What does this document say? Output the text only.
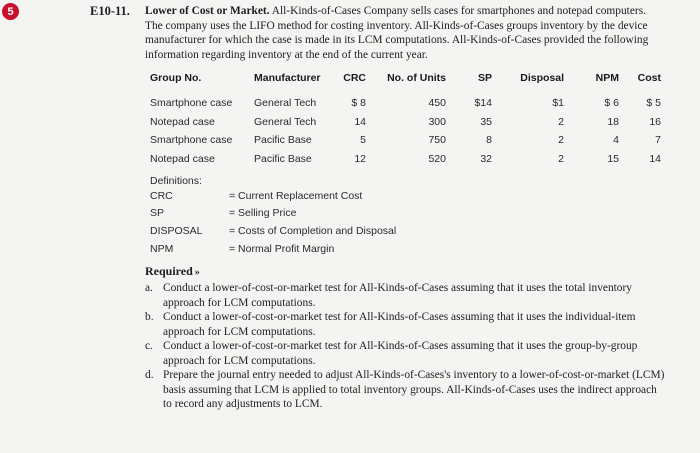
5	E10-11. Lower of Cost or Market. All-Kinds-of-Cases Company sells cases for smartphones and notepad computers. The company uses the LIFO method for costing inventory. All-Kinds-of-Cases groups inventory by the device manufacturer for which the case is made in its LCM computations. All-Kinds-of-Cases provided the following information regarding inventory at the end of the current year.
Group No.	Manufacturer	CRC	No. of Units	SP	Disposal	NPM	Cost
Smartphone case	General Tech	$ 8	450	$14	$1	$ 6	$ 5
Notepad case	General Tech	14	300	35	2	18	16
Smartphone case	Pacific Base	5	750	8	2	4	7
Notepad case	Pacific Base	12	520	32	2	15	14
Definitions:
CRC	= Current Replacement Cost
SP	= Selling Price
DISPOSAL	= Costs of Completion and Disposal
NPM	= Normal Profit Margin
Required »
a. Conduct a lower-of-cost-or-market test for All-Kinds-of-Cases assuming that it uses the total inventory approach for LCM computations.
b. Conduct a lower-of-cost-or-market test for All-Kinds-of-Cases assuming that it uses the individual-item approach for LCM computations.
c. Conduct a lower-of-cost-or-market test for All-Kinds-of-Cases assuming that it uses the group-by-group approach for LCM computations.
d. Prepare the journal entry needed to adjust All-Kinds-of-Cases's inventory to a lower-of-cost-or-market (LCM) basis assuming that LCM is applied to total inventory groups. All-Kinds-of-Cases uses the indirect approach to record any adjustments to LCM.
